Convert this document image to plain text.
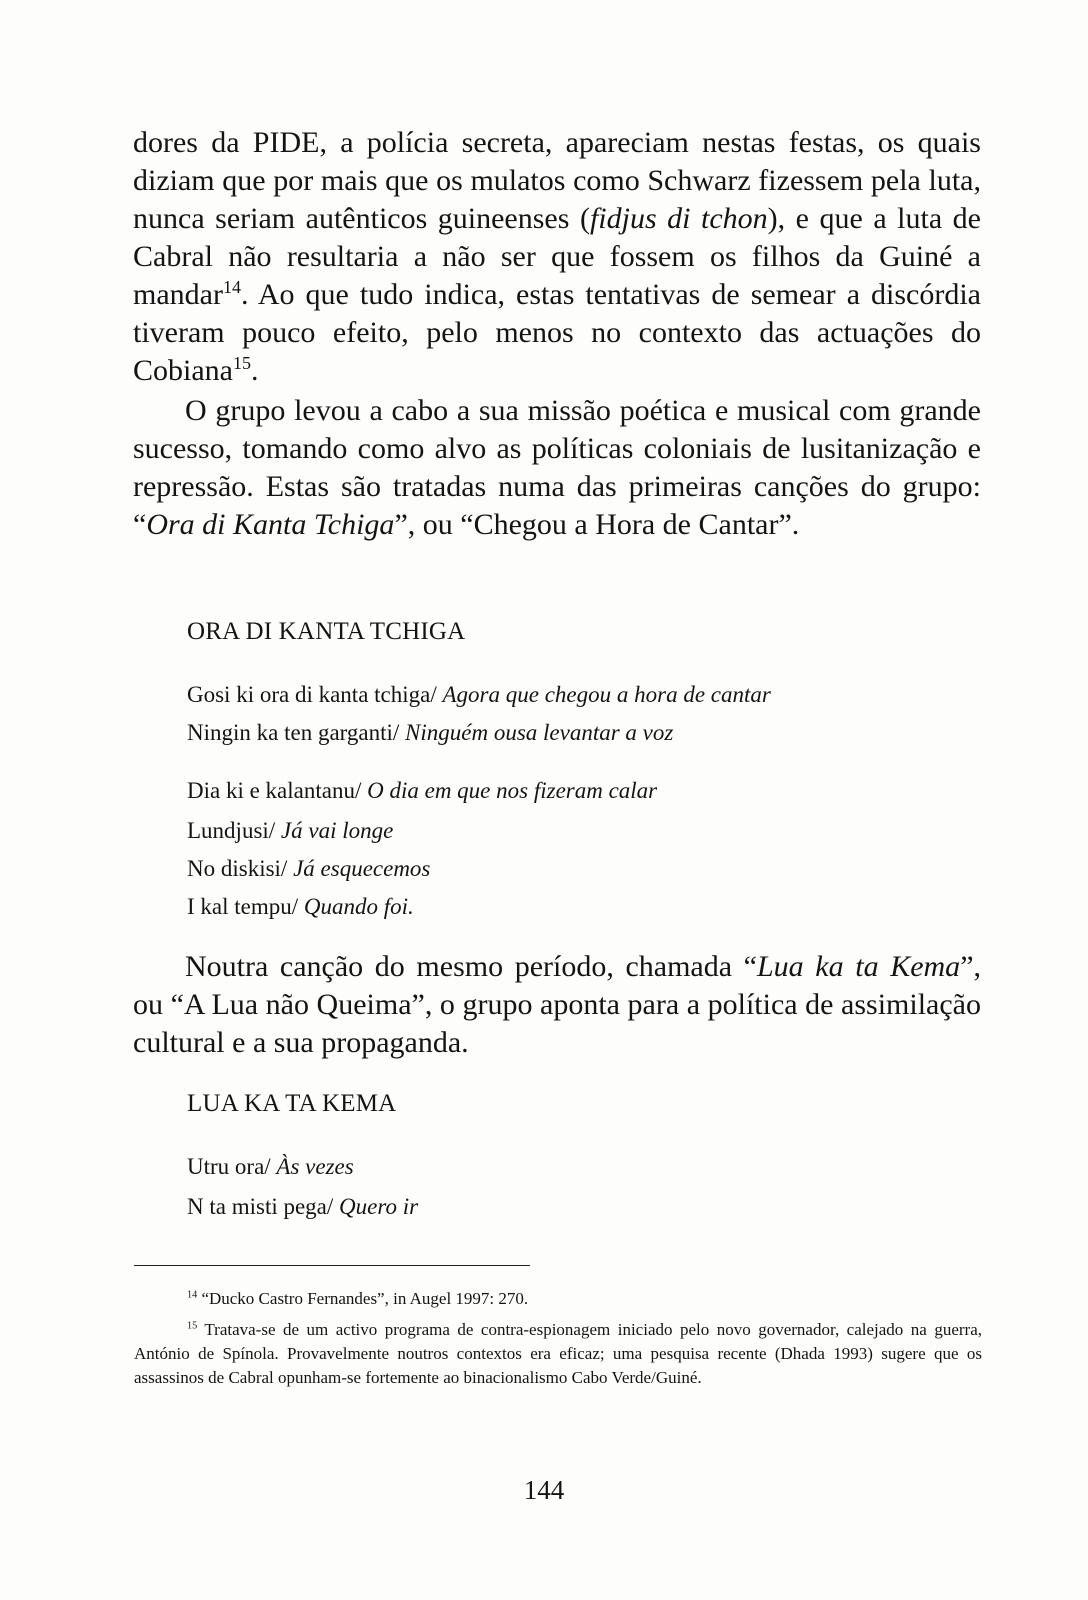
dores da PIDE, a polícia secreta, apareciam nestas festas, os quais diziam que por mais que os mulatos como Schwarz fizessem pela luta, nunca seriam autênticos guineenses (fidjus di tchon), e que a luta de Cabral não resultaria a não ser que fossem os filhos da Guiné a mandar$^{14}$. Ao que tudo indica, estas tentativas de semear a discórdia tiveram pouco efeito, pelo menos no contexto das actuações do Cobiana$^{15}$.

O grupo levou a cabo a sua missão poética e musical com grande sucesso, tomando como alvo as políticas coloniais de lusitanização e repressão. Estas são tratadas numa das primeiras canções do grupo: “Ora di Kanta Tchiga”, ou “Chegou a Hora de Cantar”.

ORA DI KANTA TCHIGA

Gosi ki ora di kanta tchiga/ Agora que chegou a hora de cantar

Ningin ka ten garganti/ Ninguém ousa levantar a voz

Dia ki e kalantanu/ O dia em que nos fizeram calar

Lundjusi/ Já vai longe

No diskisi/ Já esquecemos

I kal tempu/ Quando foi.

Noutra canção do mesmo período, chamada “Lua ka ta Kema”, ou “A Lua não Queima”, o grupo aponta para a política de assimilação cultural e a sua propaganda.

LUA KA TA KEMA

Utru ora/ Às vezes

N ta misti pega/ Quero ir

$^{14}$ “Ducko Castro Fernandes”, in Augel 1997: 270.

$^{15}$ Tratava-se de um activo programa de contra-espionagem iniciado pelo novo governador, calejado na guerra, António de Spínola. Provavelmente noutros contextos era eficaz; uma pesquisa recente (Dhada 1993) sugere que os assassinos de Cabral opunham-se fortemente ao binacionalismo Cabo Verde/Guiné.

144
